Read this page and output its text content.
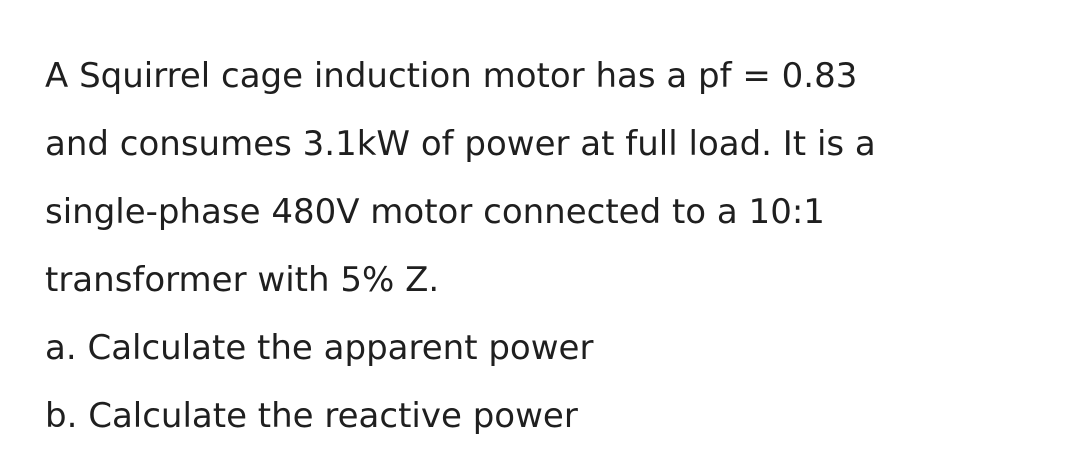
A Squirrel cage induction motor has a pf = 0.83
and consumes 3.1kW of power at full load. It is a
single-phase 480V motor connected to a 10:1
transformer with 5% Z.
a. Calculate the apparent power
b. Calculate the reactive power
